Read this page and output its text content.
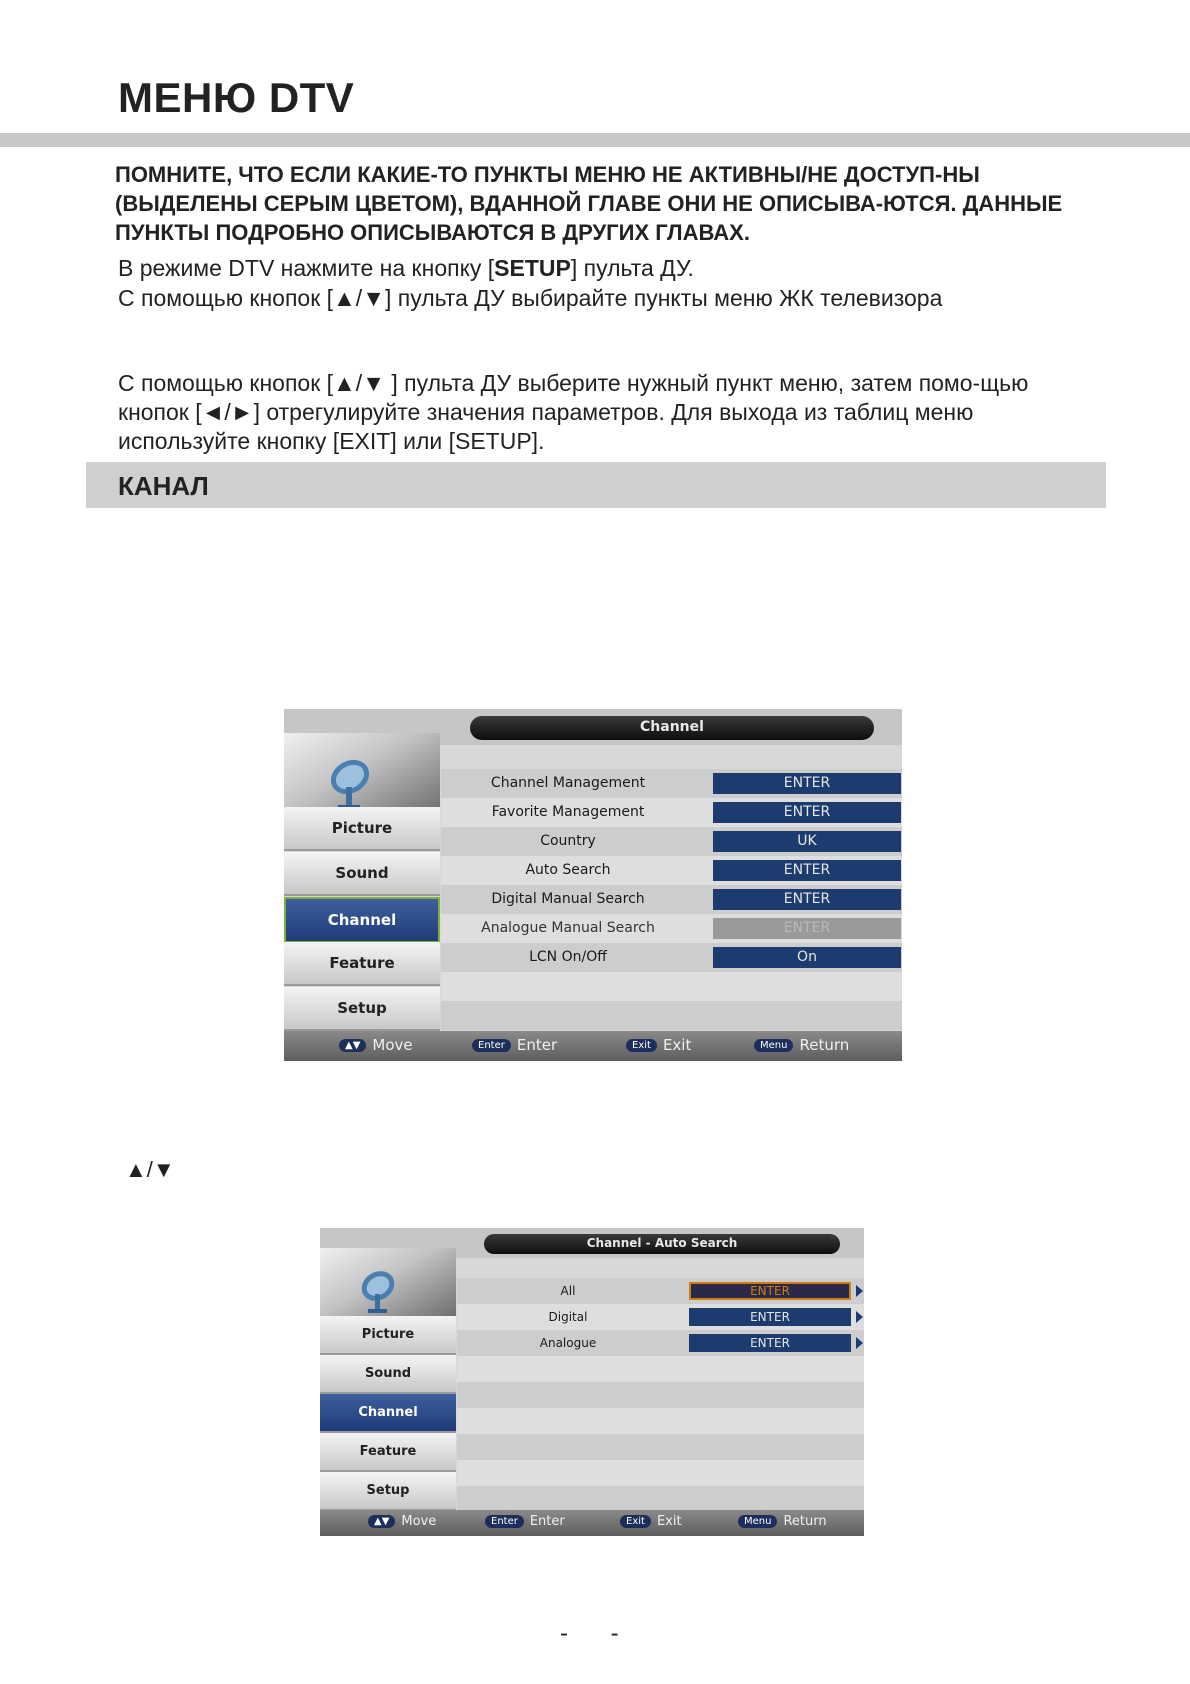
МЕНЮ DTV
ПОМНИТЕ, ЧТО ЕСЛИ КАКИЕ-ТО ПУНКТЫ МЕНЮ НЕ АКТИВНЫ/НЕ ДОСТУП-НЫ (ВЫДЕЛЕНЫ СЕРЫМ ЦВЕТОМ), ВДАННОЙ ГЛАВЕ ОНИ НЕ ОПИСЫВА-ЮТСЯ. ДАННЫЕ ПУНКТЫ ПОДРОБНО ОПИСЫВАЮТСЯ В ДРУГИХ ГЛАВАХ.
В режиме DTV нажмите на кнопку [SETUP] пульта ДУ.
С помощью кнопок [▲/▼] пульта ДУ выбирайте пункты меню ЖК телевизора
С помощью кнопок [▲/▼ ] пульта ДУ выберите нужный пункт меню, затем помо-щью кнопок [◄/►] отрегулируйте значения параметров. Для выхода из таблиц меню используйте кнопку [EXIT] или [SETUP].
КАНАЛ
Channel
Picture
Sound
Channel
Feature
Setup
Channel Management	ENTER
Favorite Management	ENTER
Country	UK
Auto Search	ENTER
Digital Manual Search	ENTER
Analogue Manual Search	ENTER
LCN On/Off	On
▲▼ Move	Enter Enter	Exit Exit	Menu Return
Channel - Auto Search
Picture
Sound
Channel
Feature
Setup
All	ENTER
Digital	ENTER
Analogue	ENTER
▲▼ Move	Enter Enter	Exit Exit	Menu Return
▲/▼
- -
